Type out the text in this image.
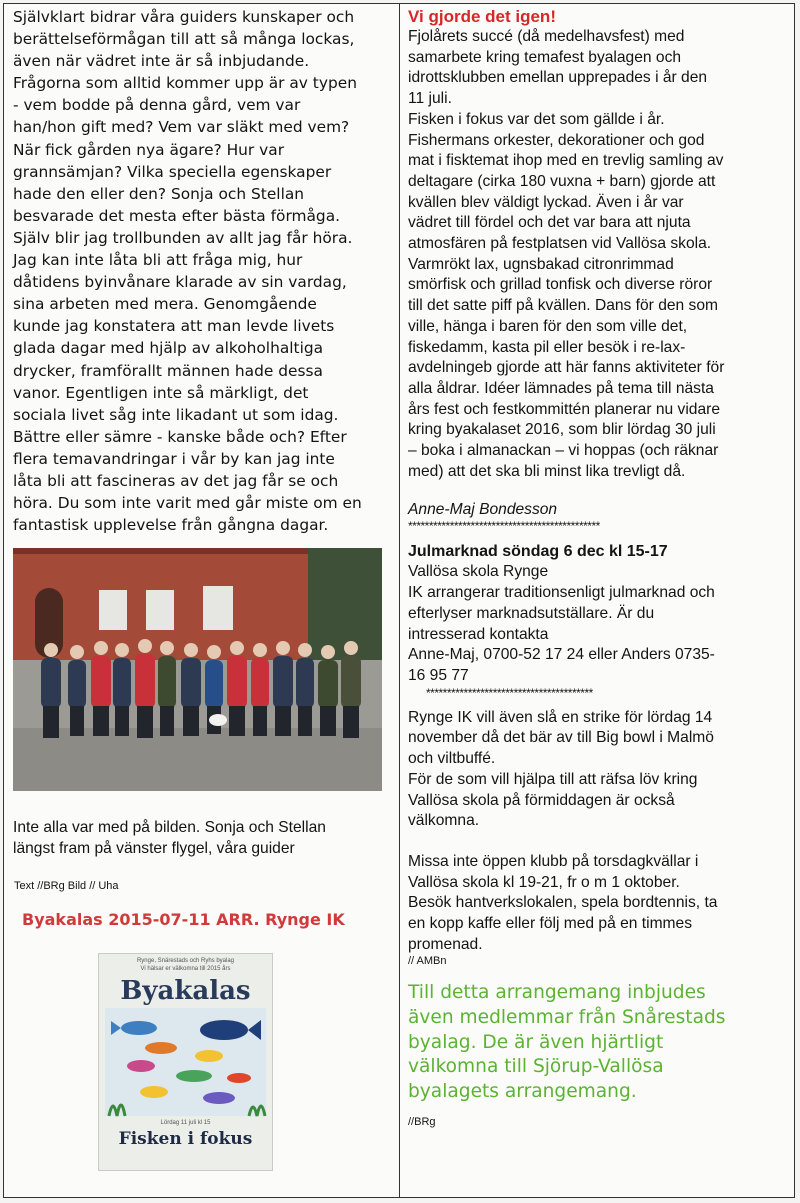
Självklart bidrar våra guiders kunskaper och
berättelseförmågan till att så många lockas,
även när vädret inte är så inbjudande.
Frågorna som alltid kommer upp är av typen
- vem bodde på denna gård, vem var
han/hon gift med? Vem var släkt med vem?
När fick gården nya ägare? Hur var
grannsämjan? Vilka speciella egenskaper
hade den eller den? Sonja och Stellan
besvarade det mesta efter bästa förmåga.
Själv blir jag trollbunden av allt jag får höra.
Jag kan inte låta bli att fråga mig, hur
dåtidens byinvånare klarade av sin vardag,
sina arbeten med mera. Genomgående
kunde jag konstatera att man levde livets
glada dagar med hjälp av alkoholhaltiga
drycker, framförallt männen hade dessa
vanor. Egentligen inte så märkligt, det
sociala livet såg inte likadant ut som idag.
Bättre eller sämre - kanske både och? Efter
flera temavandringar i vår by kan jag inte
låta bli att fascineras av det jag får se och
höra. Du som inte varit med går miste om en
fantastisk upplevelse från gångna dagar.

Inte alla var med på bilden. Sonja och Stellan
längst fram på vänster flygel, våra guider

Text //BRg Bild // Uha
Byakalas 2015-07-11 ARR. Rynge IK
Rynge, Snärestads och Ryhs byalag
Vi hälsar er välkomna till 2015 års
Byakalas
Lördag 11 juli kl 15
Fisken i fokus

Vi gjorde det igen!

Fjolårets succé (då medelhavsfest) med
samarbete kring temafest byalagen och
idrottsklubben emellan upprepades i år den
11 juli.
Fisken i fokus var det som gällde i år.
Fishermans orkester, dekorationer och god
mat i fisktemat ihop med en trevlig samling av
deltagare (cirka 180 vuxna + barn) gjorde att
kvällen blev väldigt lyckad. Även i år var
vädret till fördel och det var bara att njuta
atmosfären på festplatsen vid Vallösa skola.
Varmrökt lax, ugnsbakad citronrimmad
smörfisk och grillad tonfisk och diverse röror
till det satte piff på kvällen. Dans för den som
ville, hänga i baren för den som ville det,
fiskedamm, kasta pil eller besök i re-lax-
avdelningeb gjorde att här fanns aktiviteter för
alla åldrar. Idéer lämnades på tema till nästa
års fest och festkommittén planerar nu vidare
kring byakalaset 2016, som blir lördag 30 juli
– boka i almanackan – vi hoppas (och räknar
med) att det ska bli minst lika trevligt då.

Anne-Maj Bondesson
**********************************************
Julmarknad söndag 6 dec kl 15-17

Vallösa skola Rynge
IK arrangerar traditionsenligt julmarknad och
efterlyser marknadsutställare. Är du
intresserad kontakta
Anne-Maj, 0700-52 17 24 eller Anders 0735-
16 95 77

****************************************

Rynge IK vill även slå en strike för lördag 14
november då det bär av till Big bowl i Malmö
och viltbuffé.
För de som vill hjälpa till att räfsa löv kring
Vallösa skola på förmiddagen är också
välkomna.

Missa inte öppen klubb på torsdagkvällar i
Vallösa skola kl 19-21, fr o m 1 oktober.
Besök hantverkslokalen, spela bordtennis, ta
en kopp kaffe eller följ med på en timmes
promenad.

// AMBn
Till detta arrangemang inbjudes
även medlemmar från Snårestads
byalag. De är även hjärtligt
välkomna till Sjörup-Vallösa
byalagets arrangemang.
//BRg
